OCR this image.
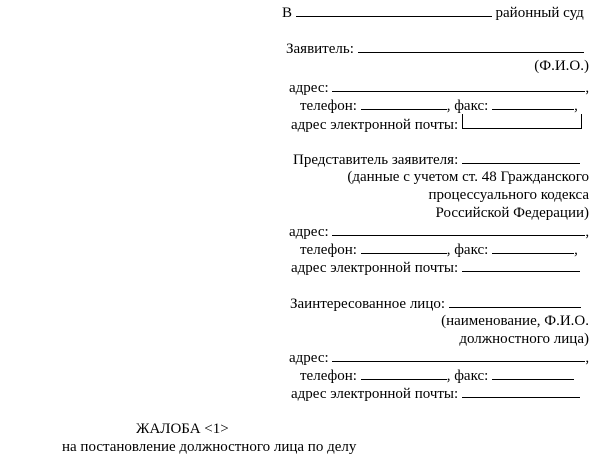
В	районный суд
Заявитель:
(Ф.И.О.)
адрес:	,
телефон:	, факс:	,
адрес электронной почты:
Представитель заявителя:
(данные с учетом ст. 48 Гражданского
процессуального кодекса
Российской Федерации)
адрес:	,
телефон:	, факс:	,
адрес электронной почты:
Заинтересованное лицо:
(наименование, Ф.И.О.
должностного лица)
адрес:	,
телефон:	, факс:
адрес электронной почты:
ЖАЛОБА <1>
на постановление должностного лица по делу
